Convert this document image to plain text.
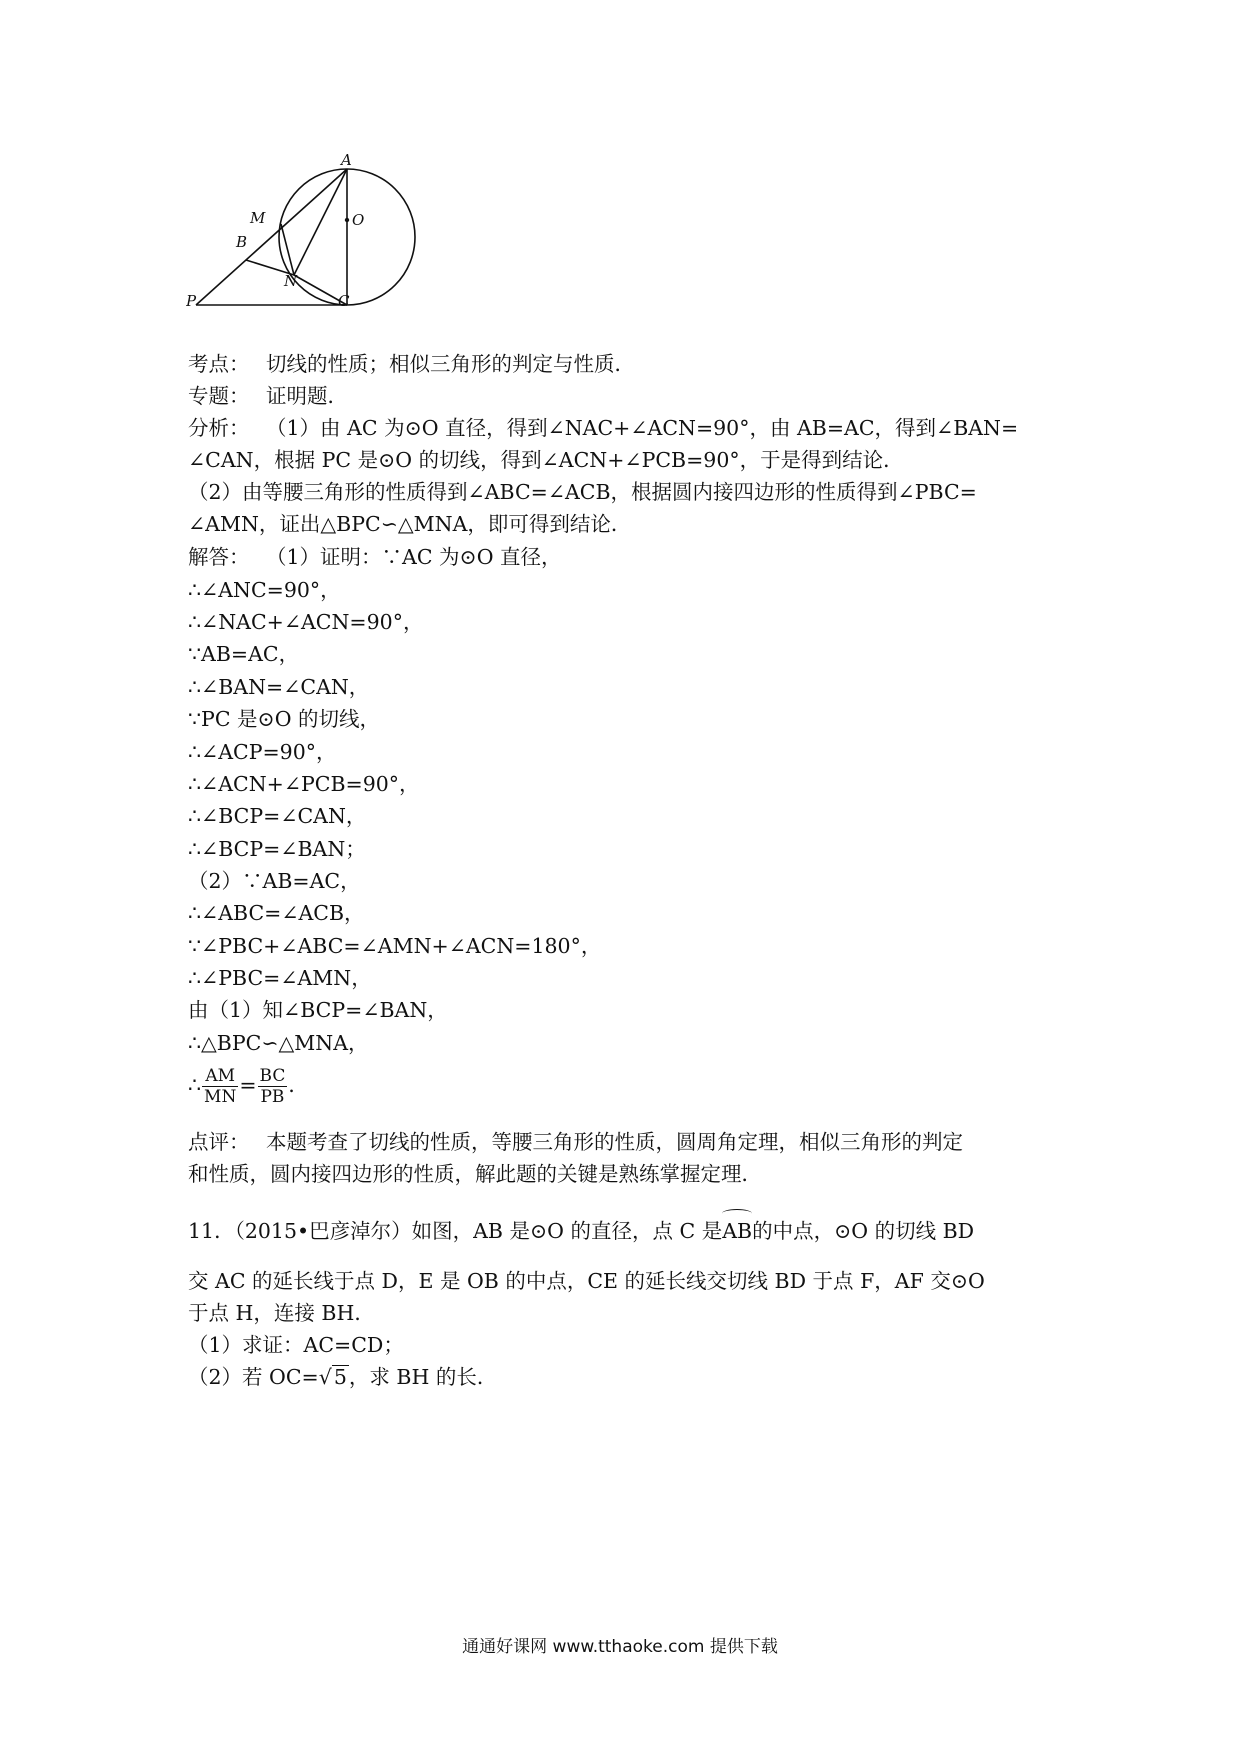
A
O
M
B
N
P	C
考点： 切线的性质；相似三角形的判定与性质．
专题： 证明题．
分析： （1）由 AC 为⊙O 直径，得到∠NAC+∠ACN=90°，由 AB=AC，得到∠BAN=
∠CAN，根据 PC 是⊙O 的切线，得到∠ACN+∠PCB=90°，于是得到结论．
（2）由等腰三角形的性质得到∠ABC=∠ACB，根据圆内接四边形的性质得到∠PBC=
∠AMN，证出△BPC∽△MNA，即可得到结论．
解答： （1）证明：∵AC 为⊙O 直径，
∴∠ANC=90°，
∴∠NAC+∠ACN=90°，
∵AB=AC，
∴∠BAN=∠CAN，
∵PC 是⊙O 的切线，
∴∠ACP=90°，
∴∠ACN+∠PCB=90°，
∴∠BCP=∠CAN，
∴∠BCP=∠BAN；
（2）∵AB=AC，
∴∠ABC=∠ACB，
∵∠PBC+∠ABC=∠AMN+∠ACN=180°，
∴∠PBC=∠AMN，
由（1）知∠BCP=∠BAN，
∴△BPC∽△MNA，
∴ $\frac{AM}{MN} = \frac{BC}{PB}$ ．
点评： 本题考查了切线的性质，等腰三角形的性质，圆周角定理，相似三角形的判定
和性质，圆内接四边形的性质，解此题的关键是熟练掌握定理．
11．（2015•巴彦淖尔）如图，AB 是⊙O 的直径，点 C 是AB的中点，⊙O 的切线 BD
交 AC 的延长线于点 D，E 是 OB 的中点，CE 的延长线交切线 BD 于点 F，AF 交⊙O
于点 H，连接 BH．
（1）求证：AC=CD；
（2）若 OC=√5，求 BH 的长．
通通好课网 www.tthaoke.com 提供下载
